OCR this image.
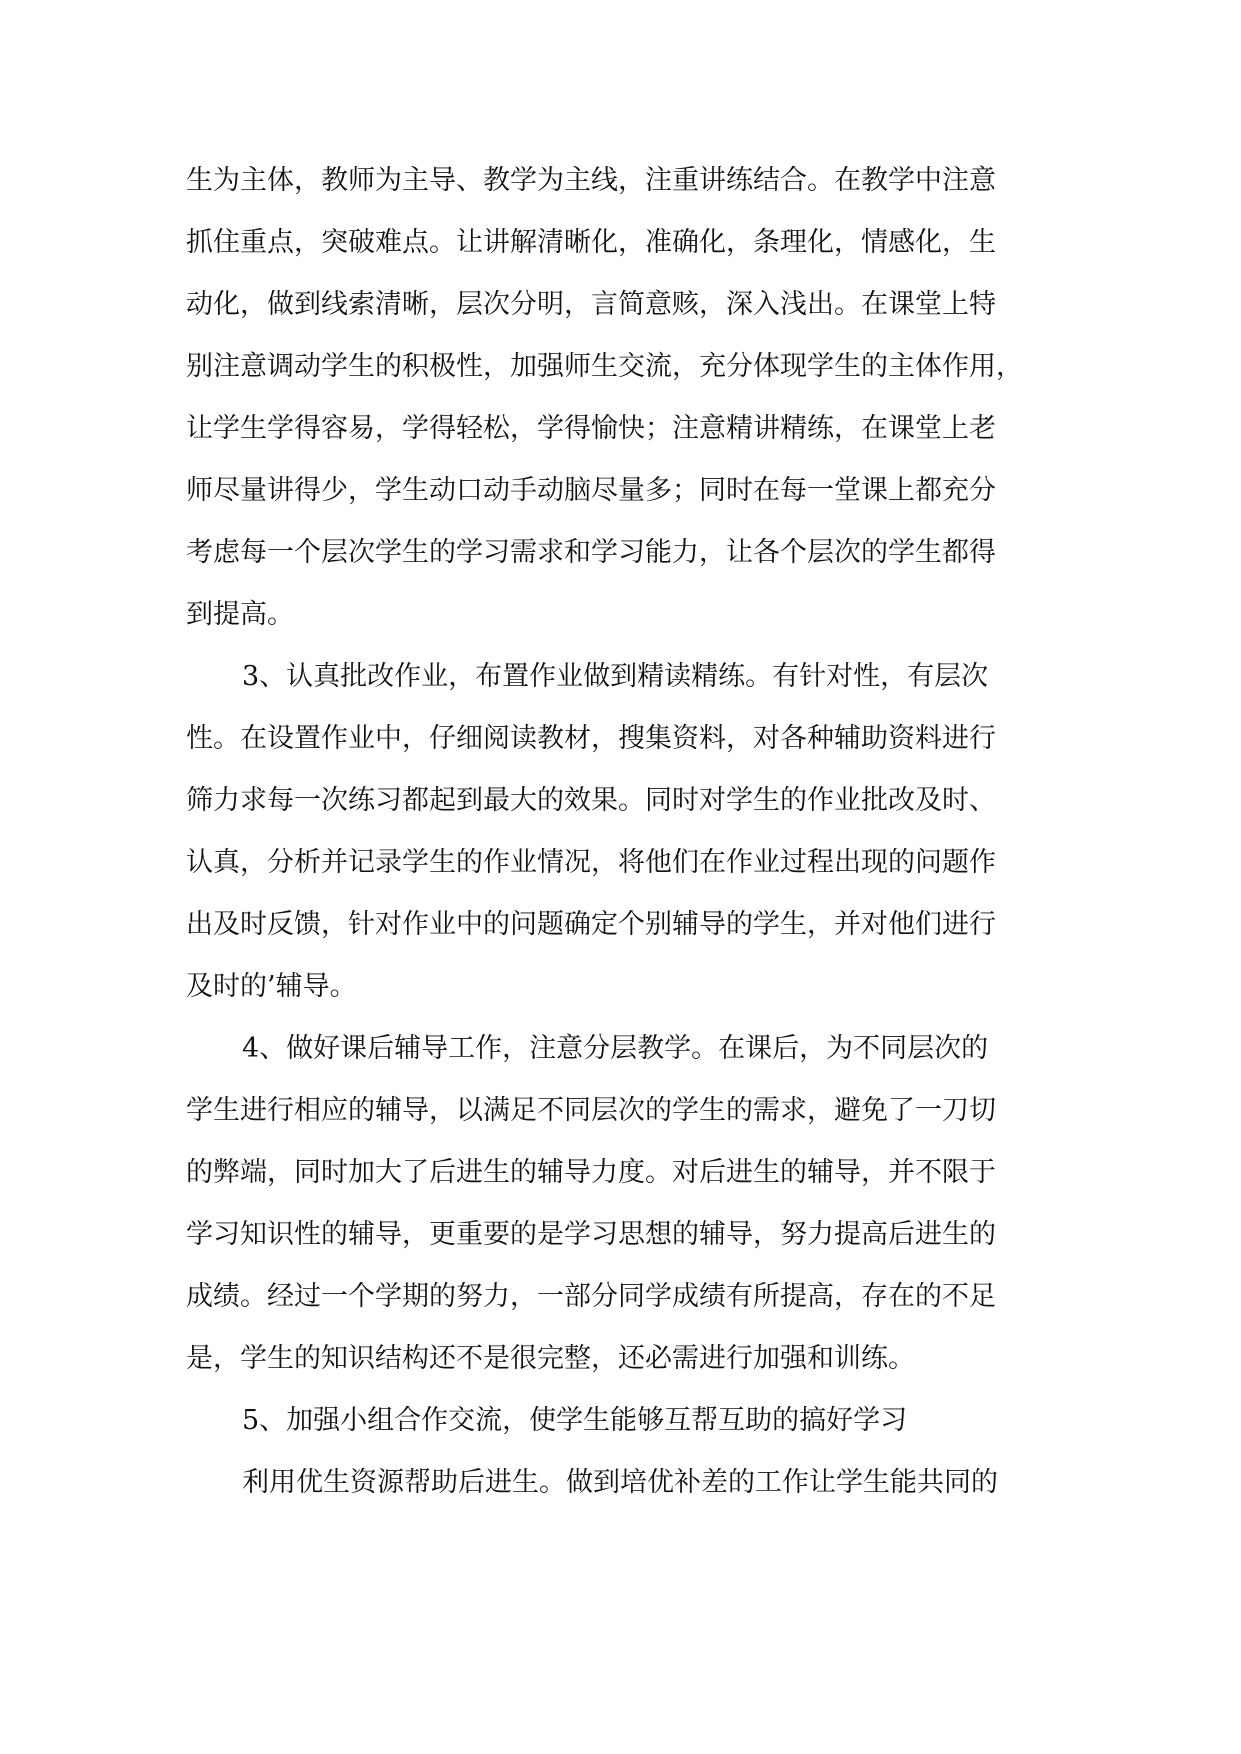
生为主体，教师为主导、教学为主线，注重讲练结合。在教学中注意
抓住重点，突破难点。让讲解清晰化，准确化，条理化，情感化，生
动化，做到线索清晰，层次分明，言简意赅，深入浅出。在课堂上特
别注意调动学生的积极性，加强师生交流，充分体现学生的主体作用，
让学生学得容易，学得轻松，学得愉快；注意精讲精练，在课堂上老
师尽量讲得少，学生动口动手动脑尽量多；同时在每一堂课上都充分
考虑每一个层次学生的学习需求和学习能力，让各个层次的学生都得
到提高。
3、认真批改作业，布置作业做到精读精练。有针对性，有层次
性。在设置作业中，仔细阅读教材，搜集资料，对各种辅助资料进行
筛力求每一次练习都起到最大的效果。同时对学生的作业批改及时、
认真，分析并记录学生的作业情况，将他们在作业过程出现的问题作
出及时反馈，针对作业中的问题确定个别辅导的学生，并对他们进行
及时的’辅导。
4、做好课后辅导工作，注意分层教学。在课后，为不同层次的
学生进行相应的辅导，以满足不同层次的学生的需求，避免了一刀切
的弊端，同时加大了后进生的辅导力度。对后进生的辅导，并不限于
学习知识性的辅导，更重要的是学习思想的辅导，努力提高后进生的
成绩。经过一个学期的努力，一部分同学成绩有所提高，存在的不足
是，学生的知识结构还不是很完整，还必需进行加强和训练。
5、加强小组合作交流，使学生能够互帮互助的搞好学习
利用优生资源帮助后进生。做到培优补差的工作让学生能共同的
